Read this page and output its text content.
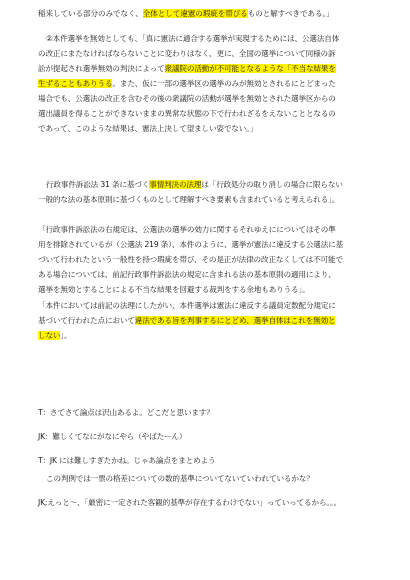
稲来している部分のみでなく、全体として違憲の瑕疵を帯びるものと解すべきである。」
②本件選挙を無効としても、「真に憲法に適合する選挙が実現するためには、公選法自体
の改正にまたなければならないことに変わりはなく、更に、全国の選挙について同様の訴
訟が提起され選挙無効の判決によって衆議院の活動が不可能となるような「不当な結果を
生ずることもありうる。また、仮に一部の選挙区の選挙のみが無効とされるにとどまった
場合でも、公選法の改正を含むその後の衆議院の活動が選挙を無効とされた選挙区からの
選出議員を得ることができないままの異常な状態の下で行われざるをえないこととなるの
であって、このような結果は、憲法上決して望ましい姿でない。」
行政事件訴訟法 31 条に基づく事情判決の法理は「行政処分の取り消しの場合に限らない
一般的な法の基本原則に基づくものとして理解すべき要素も含まれていると考えられる」。
「行政事件訴訟法の右規定は、公選法の選挙の効力に関するそれゆえにについてはその準
用を排除されているが（公選法 219 条）、本件のように、選挙が憲法に違反する公選法に基
づいて行われたという一般性を持つ瑕疵を帯び、その是正が法律の改正なくしては不可能で
ある場合については、前記行政事件訴訟法の規定に含まれる法の基本原則の適用により、
選挙を無効とすることによる不当な結果を回避する裁判をする余地もありうる」。
「本件においては前記の法理にしたがい、本件選挙は憲法に違反する議員定数配分規定に
基づいて行われた点において違法である旨を判事するにとどめ、選挙自体はこれを無効と
しない」。
T：さてさて論点は沢山あるよ。どこだと思います？
JK：難しくてなにがなにやら（やばたーん）
T：JK には難しすぎたかね。じゃあ論点をまとめよう
この判例では一票の格差についての数的基準についてないていわれているかな？
JK;えっと〜、「厳密に一定された客観的基準が存在するわけでない」っていってるから。。。
